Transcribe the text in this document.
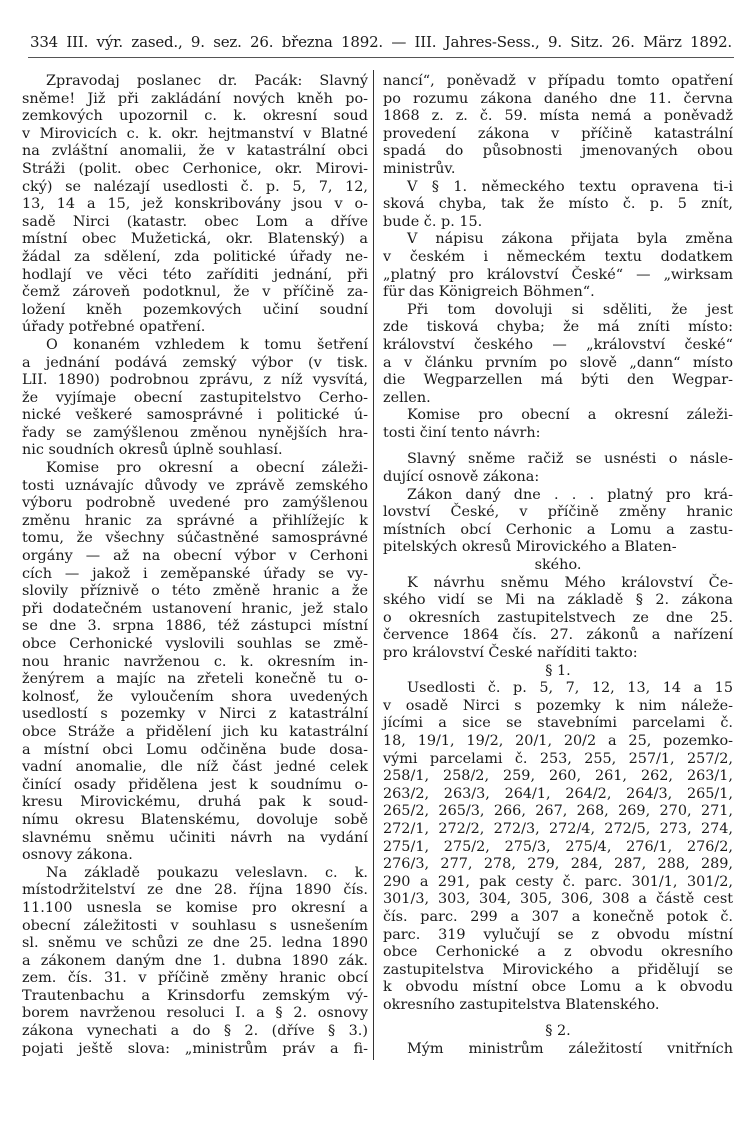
334 III. výr. zased., 9. sez. 26. března 1892. — III. Jahres-Sess., 9. Sitz. 26. März 1892.
Zpravodaj poslanec dr. Pacák: Slavný
sněme! Již při zakládání nových kněh po-
zemkových upozornil c. k. okresní soud
v Mirovicích c. k. okr. hejtmanství v Blatné
na zvláštní anomalii, že v katastrální obci
Stráži (polit. obec Cerhonice, okr. Mirovi-
cký) se nalézají usedlosti č. p. 5, 7, 12,
13, 14 a 15, jež konskribovány jsou v o-
sadě Nirci (katastr. obec Lom a dříve
místní obec Mužetická, okr. Blatenský) a
žádal za sdělení, zda politické úřady ne-
hodlají ve věci této zaříditi jednání, při
čemž zároveň podotknul, že v příčině za-
ložení kněh pozemkových učiní soudní
úřady potřebné opatření.
O konaném vzhledem k tomu šetření
a jednání podává zemský výbor (v tisk.
LII. 1890) podrobnou zprávu, z níž vysvítá,
že vyjímaje obecní zastupitelstvo Cerho-
nické veškeré samosprávné i politické ú-
řady se zamýšlenou změnou nynějších hra-
nic soudních okresů úplně souhlasí.
Komise pro okresní a obecní záleži-
tosti uznávajíc důvody ve zprávě zemského
výboru podrobně uvedené pro zamýšlenou
změnu hranic za správné a přihlížejíc k
tomu, že všechny súčastněné samosprávné
orgány — až na obecní výbor v Cerhoni
cích — jakož i zeměpanské úřady se vy-
slovily příznivě o této změně hranic a že
při dodatečném ustanovení hranic, jež stalo
se dne 3. srpna 1886, též zástupci místní
obce Cerhonické vyslovili souhlas se změ-
nou hranic navrženou c. k. okresním in-
ženýrem a majíc na zřeteli konečně tu o-
kolnosť, že vyloučením shora uvedených
usedlostí s pozemky v Nirci z katastrální
obce Stráže a přidělení jich ku katastrální
a místní obci Lomu odčiněna bude dosa-
vadní anomalie, dle níž část jedné celek
činící osady přidělena jest k soudnímu o-
kresu Mirovickému, druhá pak k soud-
nímu okresu Blatenskému, dovoluje sobě
slavnému sněmu učiniti návrh na vydání
osnovy zákona.
Na základě poukazu veleslavn. c. k.
místodržitelství ze dne 28. října 1890 čís.
11.100 usnesla se komise pro okresní a
obecní záležitosti v souhlasu s usnešením
sl. sněmu ve schůzi ze dne 25. ledna 1890
a zákonem daným dne 1. dubna 1890 zák.
zem. čís. 31. v příčině změny hranic obcí
Trautenbachu a Krinsdorfu zemským vý-
borem navrženou resoluci I. a § 2. osnovy
zákona vynechati a do § 2. (dříve § 3.)
pojati ještě slova: „ministrům práv a fi-
nancí“, poněvadž v případu tomto opatření
po rozumu zákona daného dne 11. června
1868 z. z. č. 59. místa nemá a poněvadž
provedení zákona v příčině katastrální
spadá do působnosti jmenovaných obou
ministrův.
V § 1. německého textu opravena ti-i
sková chyba, tak že místo č. p. 5 znít,
bude č. p. 15.
V nápisu zákona přijata byla změna
v českém i německém textu dodatkem
„platný pro království České“ — „wirksam
für das Königreich Böhmen“.
Při tom dovoluji si sděliti, že jest
zde tisková chyba; že má zníti místo:
království českého — „království české“
a v článku prvním po slově „dann“ místo
die Wegparzellen má býti den Wegpar-
zellen.
Komise pro obecní a okresní záleži-
tosti činí tento návrh:
Slavný sněme račiž se usnésti o násle-
dující osnově zákona:
Zákon daný dne . . . platný pro krá-
lovství České, v příčině změny hranic
místních obcí Cerhonic a Lomu a zastu-
pitelských okresů Mirovického a Blaten-
ského.
K návrhu sněmu Mého království Če-
ského vidí se Mi na základě § 2. zákona
o okresních zastupitelstvech ze dne 25.
července 1864 čís. 27. zákonů a nařízení
pro království České naříditi takto:
§ 1.
Usedlosti č. p. 5, 7, 12, 13, 14 a 15
v osadě Nirci s pozemky k nim náleže-
jícími a sice se stavebními parcelami č.
18, 19/1, 19/2, 20/1, 20/2 a 25, pozemko-
vými parcelami č. 253, 255, 257/1, 257/2,
258/1, 258/2, 259, 260, 261, 262, 263/1,
263/2, 263/3, 264/1, 264/2, 264/3, 265/1,
265/2, 265/3, 266, 267, 268, 269, 270, 271,
272/1, 272/2, 272/3, 272/4, 272/5, 273, 274,
275/1, 275/2, 275/3, 275/4, 276/1, 276/2,
276/3, 277, 278, 279, 284, 287, 288, 289,
290 a 291, pak cesty č. parc. 301/1, 301/2,
301/3, 303, 304, 305, 306, 308 a částě cest
čís. parc. 299 a 307 a konečně potok č.
parc. 319 vylučují se z obvodu místní
obce Cerhonické a z obvodu okresního
zastupitelstva Mirovického a přidělují se
k obvodu místní obce Lomu a k obvodu
okresního zastupitelstva Blatenského.
§ 2.
Mým ministrům záležitostí vnitřních
